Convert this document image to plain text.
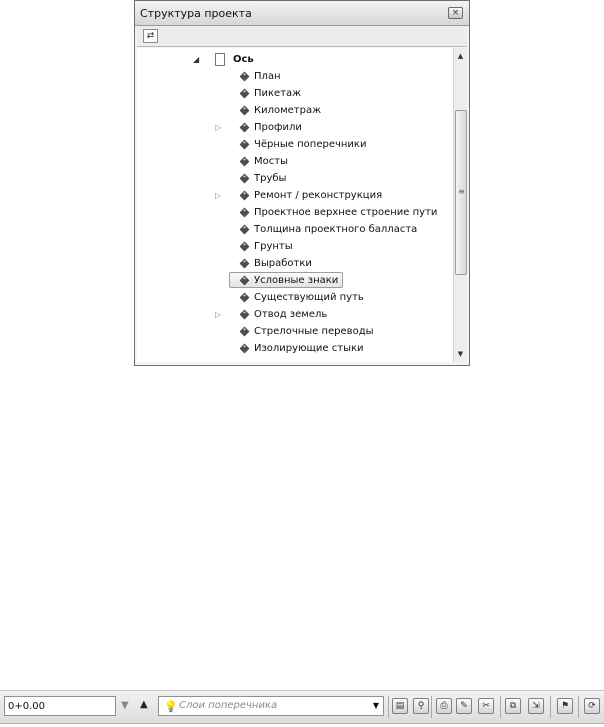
Структура проекта	×
⇄
◢	Ось
План
Пикетаж
Километраж
▷	Профили
Чёрные поперечники
Мосты
Трубы
▷	Ремонт / реконструкция
Проектное верхнее строение пути
Толщина проектного балласта
Грунты
Выработки
Условные знаки
Существующий путь
▷	Отвод земель
Стрелочные переводы
Изолирующие стыки
▲
≡
▼
0+0.00
▼ ▲ 💡 Слои поперечника	▼	▤	⚲	⎙	✎	✂	⧉	⇲	⚑	⟳
